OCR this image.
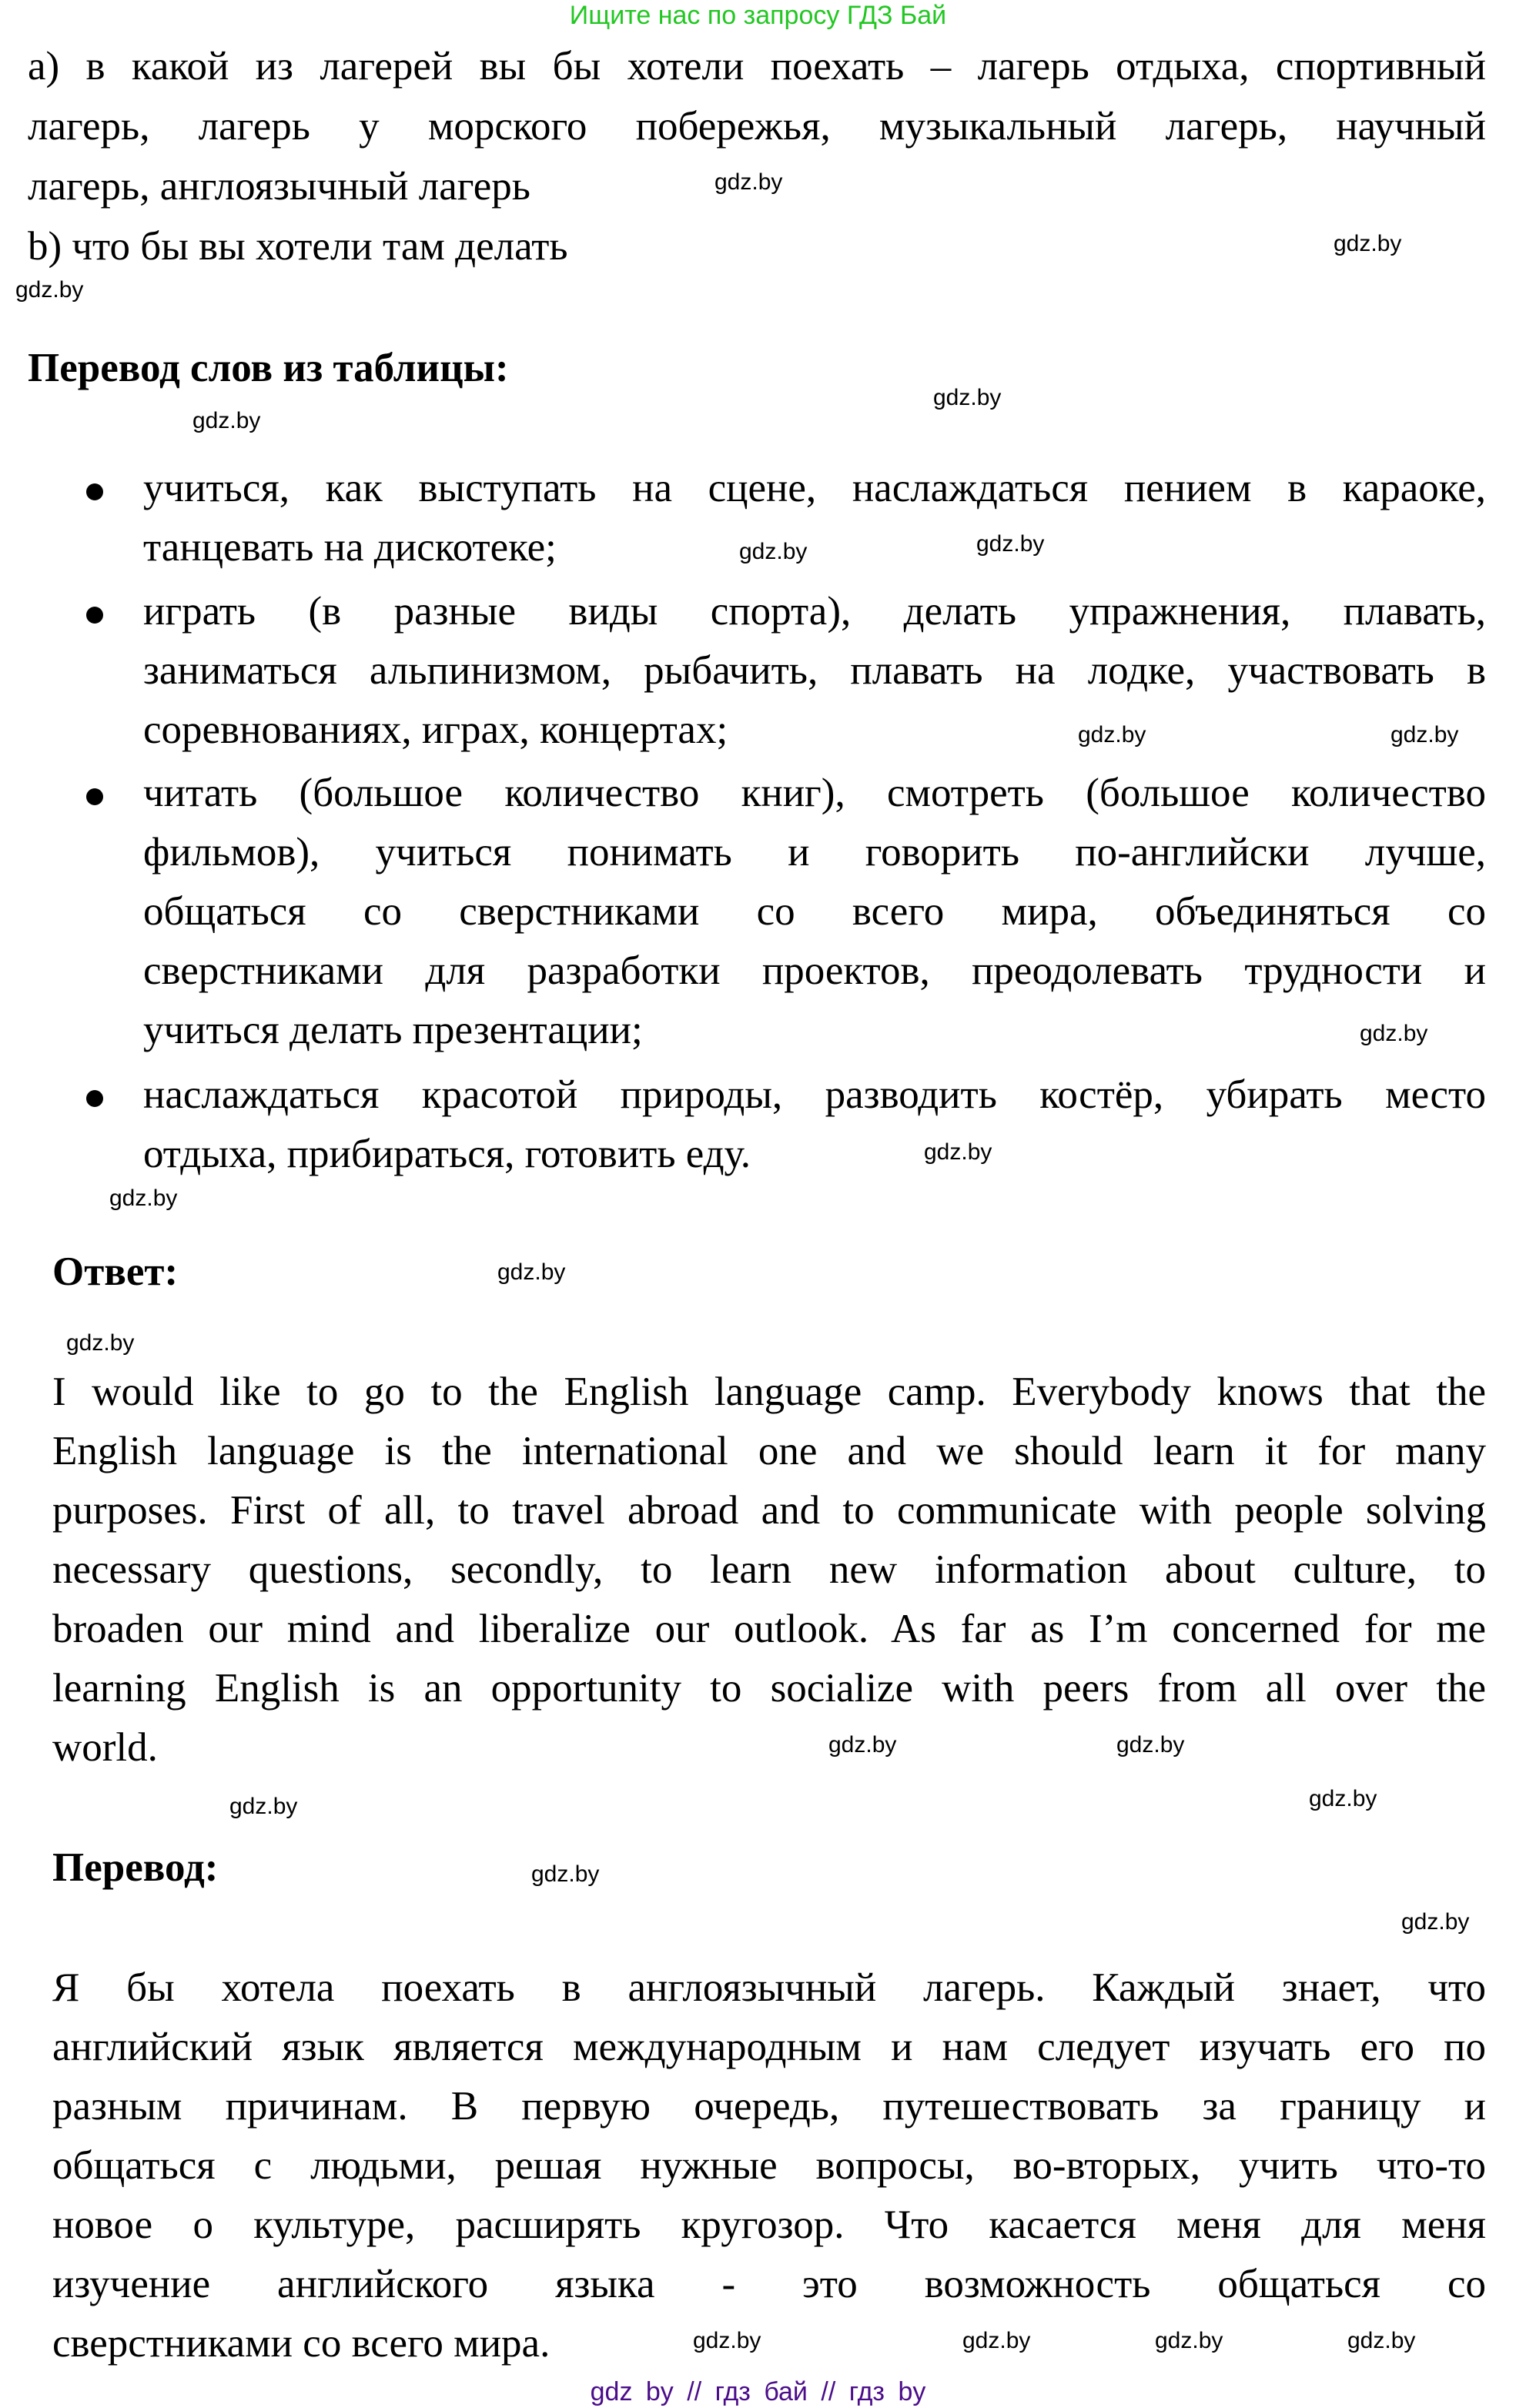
Ищите нас по запросу ГДЗ Бай
а) в какой из лагерей вы бы хотели поехать – лагерь отдыха, спортивный
лагерь, лагерь у морского побережья, музыкальный лагерь, научный
лагерь, англоязычный лагерь
b) что бы вы хотели там делать
Перевод слов из таблицы:
учиться, как выступать на сцене, наслаждаться пением в караоке,
танцевать на дискотеке;
играть (в разные виды спорта), делать упражнения, плавать,
заниматься альпинизмом, рыбачить, плавать на лодке, участвовать в
соревнованиях, играх, концертах;
читать (большое количество книг), смотреть (большое количество
фильмов), учиться понимать и говорить по-английски лучше,
общаться со сверстниками со всего мира, объединяться со
сверстниками для разработки проектов, преодолевать трудности и
учиться делать презентации;
наслаждаться красотой природы, разводить костёр, убирать место
отдыха, прибираться, готовить еду.
Ответ:
I would like to go to the English language camp. Everybody knows that the
English language is the international one and we should learn it for many
purposes. First of all, to travel abroad and to communicate with people solving
necessary questions, secondly, to learn new information about culture, to
broaden our mind and liberalize our outlook. As far as I’m concerned for me
learning English is an opportunity to socialize with peers from all over the
world.
Перевод:
Я бы хотела поехать в англоязычный лагерь. Каждый знает, что
английский язык является международным и нам следует изучать его по
разным причинам. В первую очередь, путешествовать за границу и
общаться с людьми, решая нужные вопросы, во-вторых, учить что-то
новое о культуре, расширять кругозор. Что касается меня для меня
изучение английского языка - это возможность общаться со
сверстниками со всего мира.
gdz.by
gdz.by
gdz.by
gdz.by
gdz.by
gdz.by
gdz.by
gdz.by
gdz.by
gdz.by
gdz.by
gdz.by
gdz.by
gdz.by
gdz.by
gdz.by
gdz.by
gdz.by
gdz.by
gdz.by
gdz.by	gdz.by	gdz.by
gdz.by
gdz by // гдз бай // гдз by
